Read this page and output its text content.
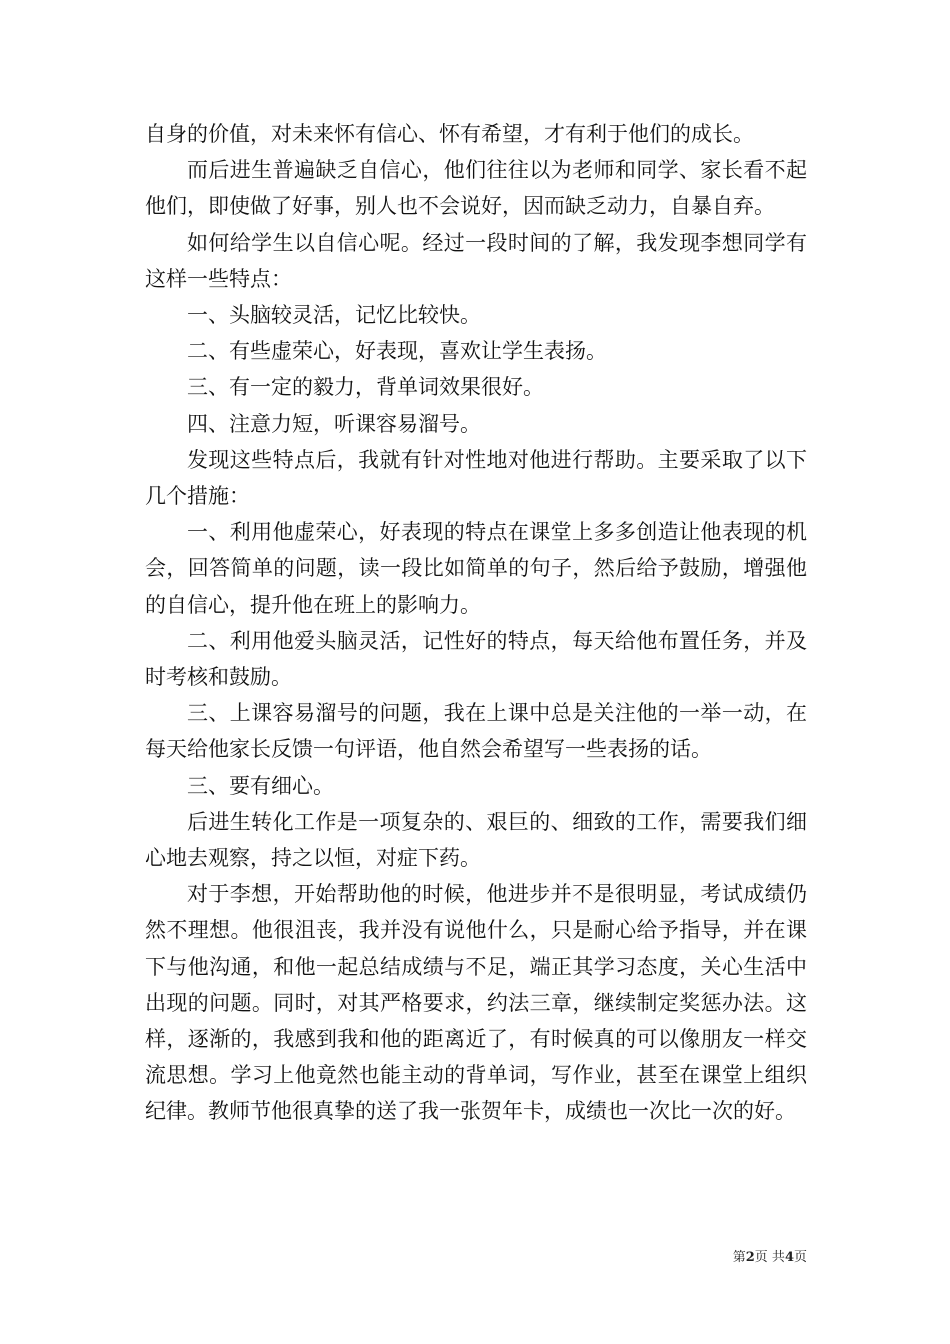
自身的价值，对未来怀有信心、怀有希望，才有利于他们的成长。

而后进生普遍缺乏自信心，他们往往以为老师和同学、家长看不起他们，即使做了好事，别人也不会说好，因而缺乏动力，自暴自弃。

如何给学生以自信心呢。经过一段时间的了解，我发现李想同学有这样一些特点：

一、头脑较灵活，记忆比较快。

二、有些虚荣心，好表现，喜欢让学生表扬。

三、有一定的毅力，背单词效果很好。

四、注意力短，听课容易溜号。

发现这些特点后，我就有针对性地对他进行帮助。主要采取了以下几个措施：

一、利用他虚荣心，好表现的特点在课堂上多多创造让他表现的机会，回答简单的问题，读一段比如简单的句子，然后给予鼓励，增强他的自信心，提升他在班上的影响力。

二、利用他爱头脑灵活，记性好的特点，每天给他布置任务，并及时考核和鼓励。

三、上课容易溜号的问题，我在上课中总是关注他的一举一动，在每天给他家长反馈一句评语，他自然会希望写一些表扬的话。

三、要有细心。

后进生转化工作是一项复杂的、艰巨的、细致的工作，需要我们细心地去观察，持之以恒，对症下药。

对于李想，开始帮助他的时候，他进步并不是很明显，考试成绩仍然不理想。他很沮丧，我并没有说他什么，只是耐心给予指导，并在课下与他沟通，和他一起总结成绩与不足，端正其学习态度，关心生活中出现的问题。同时，对其严格要求，约法三章，继续制定奖惩办法。这样，逐渐的，我感到我和他的距离近了，有时候真的可以像朋友一样交流思想。学习上他竟然也能主动的背单词，写作业，甚至在课堂上组织纪律。教师节他很真挚的送了我一张贺年卡，成绩也一次比一次的好。

第2页 共4页
